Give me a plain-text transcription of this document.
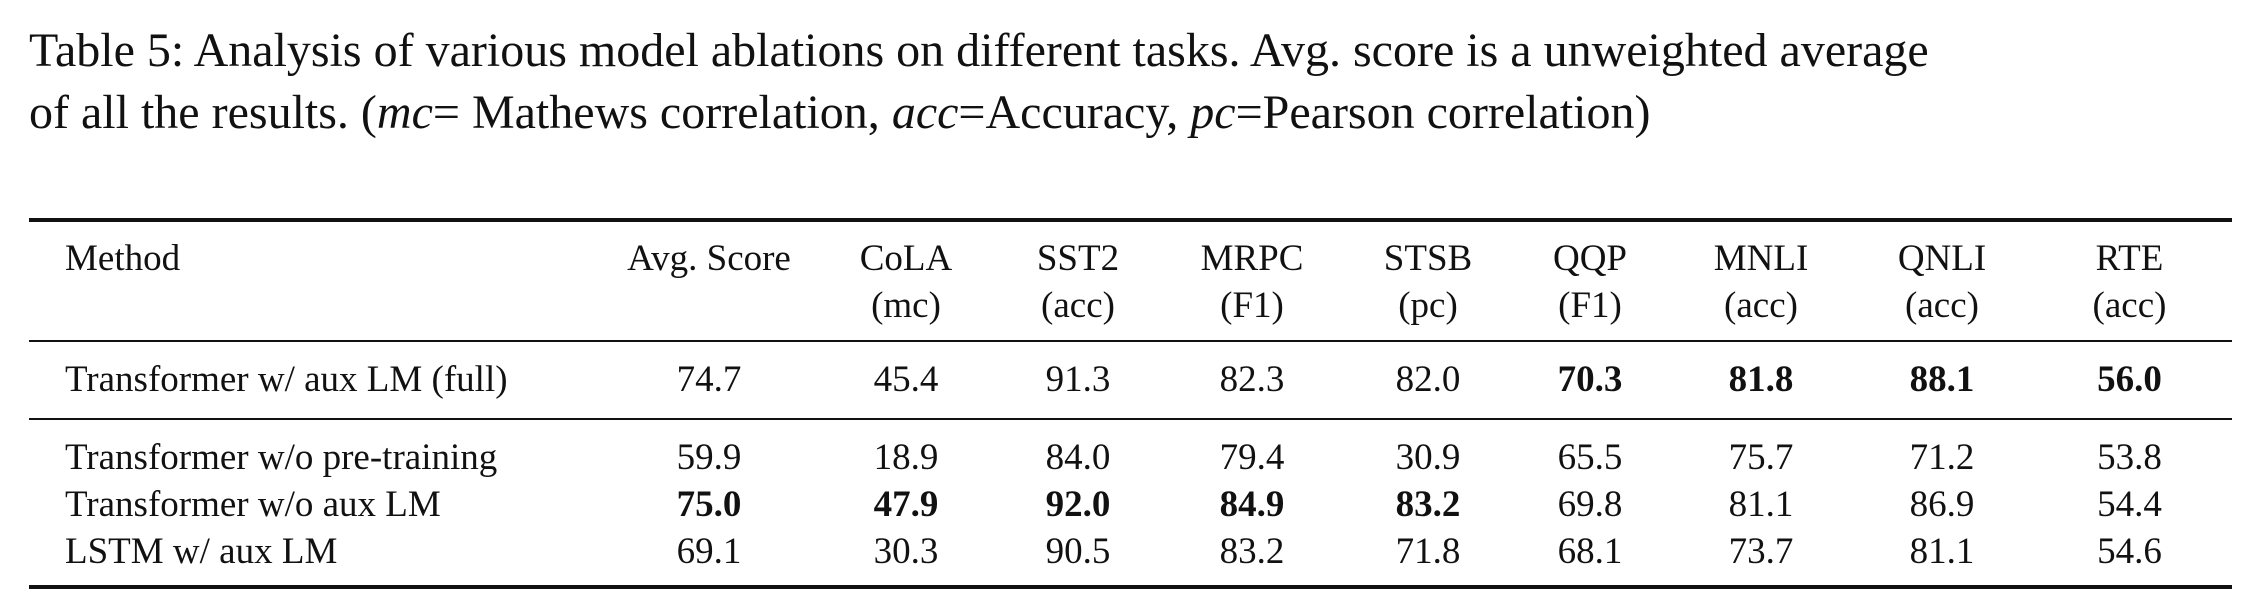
Table 5: Analysis of various model ablations on different tasks. Avg. score is a unweighted average
of all the results. (mc= Mathews correlation, acc=Accuracy, pc=Pearson correlation)

Method	Avg. Score	CoLA	SST2	MRPC	STSB	QQP	MNLI	QNLI	RTE
		(mc)	(acc)	(F1)	(pc)	(F1)	(acc)	(acc)	(acc)
Transformer w/ aux LM (full)	74.7	45.4	91.3	82.3	82.0	70.3	81.8	88.1	56.0
Transformer w/o pre-training	59.9	18.9	84.0	79.4	30.9	65.5	75.7	71.2	53.8
Transformer w/o aux LM	75.0	47.9	92.0	84.9	83.2	69.8	81.1	86.9	54.4
LSTM w/ aux LM	69.1	30.3	90.5	83.2	71.8	68.1	73.7	81.1	54.6
